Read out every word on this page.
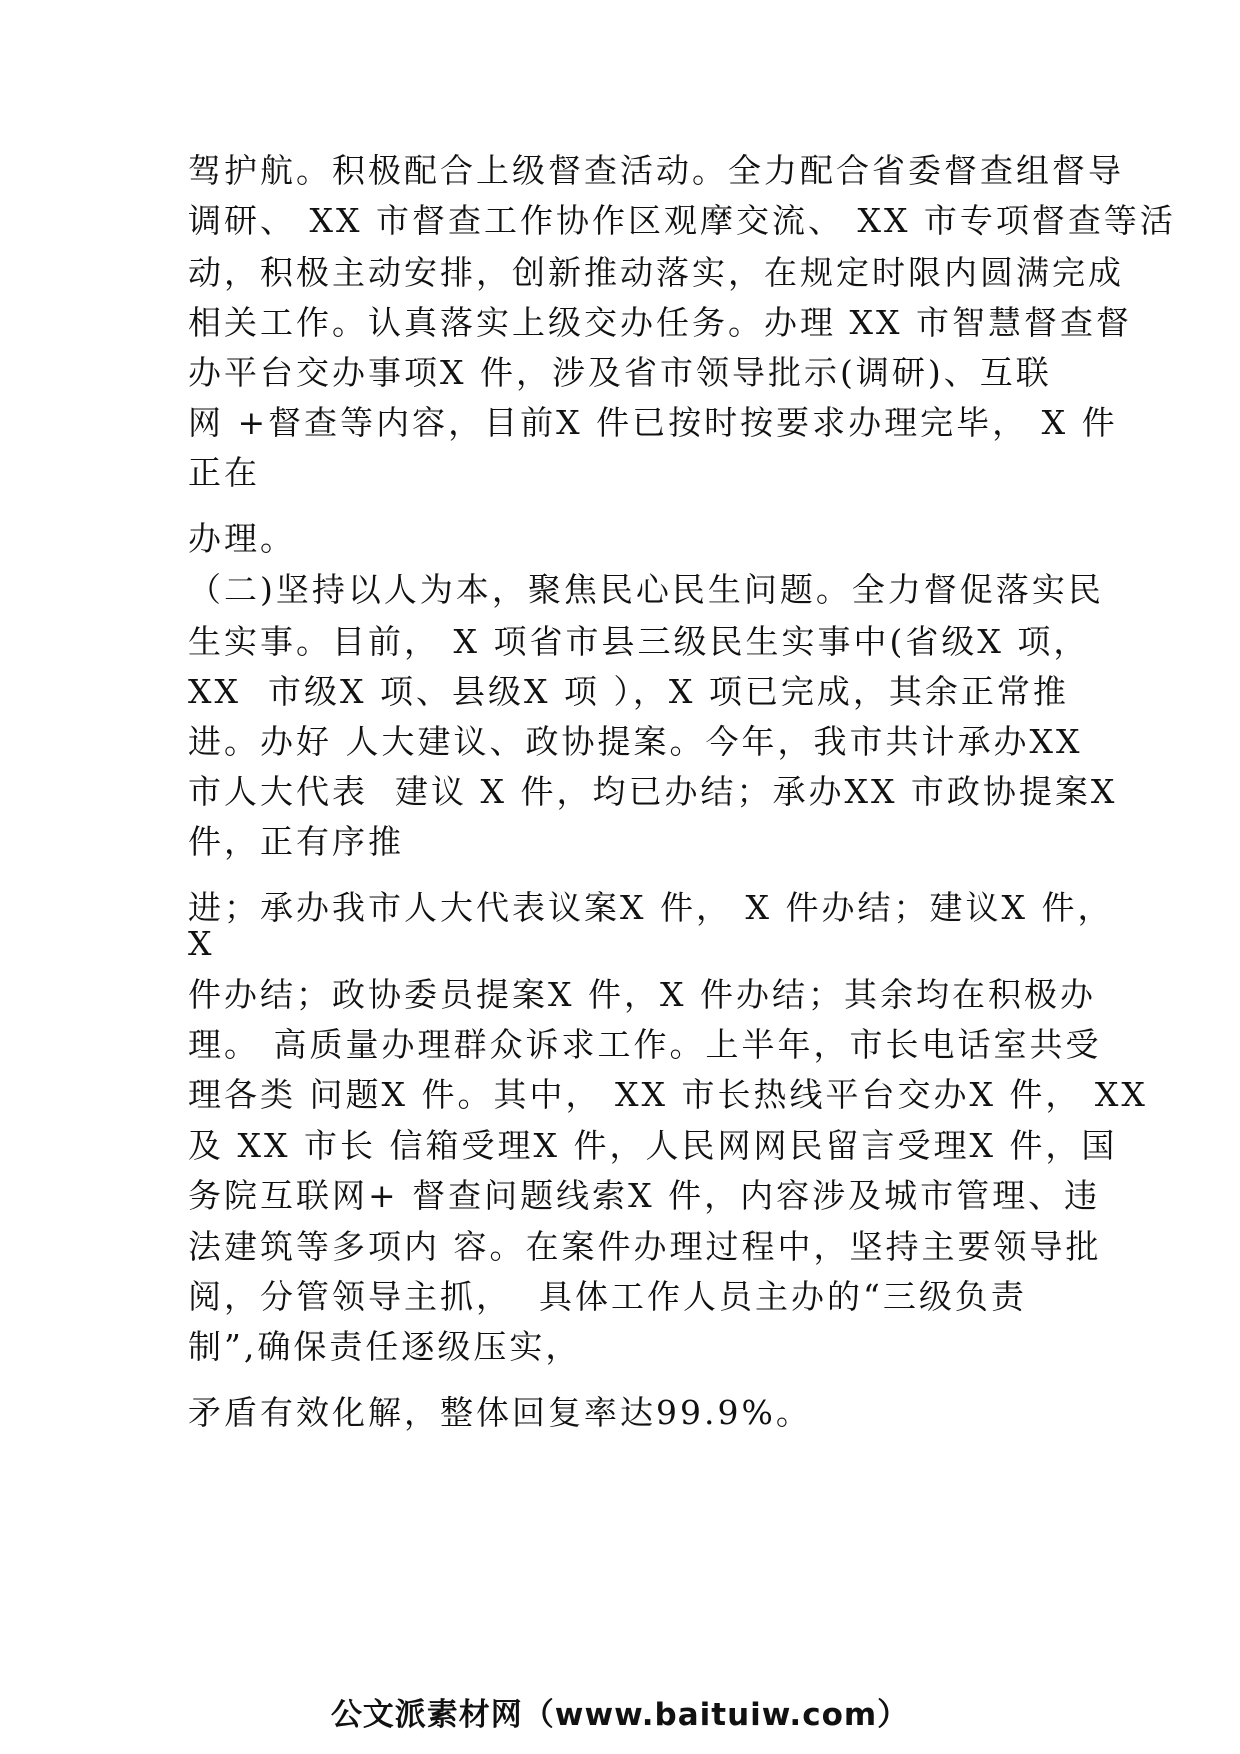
驾护航。积极配合上级督查活动。全力配合省委督查组督导
调研、 XX 市督查工作协作区观摩交流、 XX 市专项督查等活
动，积极主动安排，创新推动落实，在规定时限内圆满完成
相关工作。认真落实上级交办任务。办理 XX 市智慧督查督
办平台交办事项X 件，涉及省市领导批示(调研)、互联
网 +督查等内容，目前X 件已按时按要求办理完毕， X 件
正在
办理。
（二)坚持以人为本，聚焦民心民生问题。全力督促落实民
生实事。目前， X 项省市县三级民生实事中(省级X 项，
XX  市级X 项、县级X 项 ），X 项已完成，其余正常推
进。办好 人大建议、政协提案。今年，我市共计承办XX
市人大代表  建议 X 件，均已办结；承办XX 市政协提案X
件，正有序推
进；承办我市人大代表议案X 件， X 件办结；建议X 件，
X
件办结；政协委员提案X 件，X 件办结；其余均在积极办
理。 高质量办理群众诉求工作。上半年，市长电话室共受
理各类 问题X 件。其中， XX 市长热线平台交办X 件， XX
及 XX 市长 信箱受理X 件，人民网网民留言受理X 件，国
务院互联网+ 督查问题线索X 件，内容涉及城市管理、违
法建筑等多项内 容。在案件办理过程中，坚持主要领导批
阅，分管领导主抓，  具体工作人员主办的“三级负责
制”,确保责任逐级压实，
矛盾有效化解，整体回复率达99.9%。
公文派素材网（www.baituiw.com）
